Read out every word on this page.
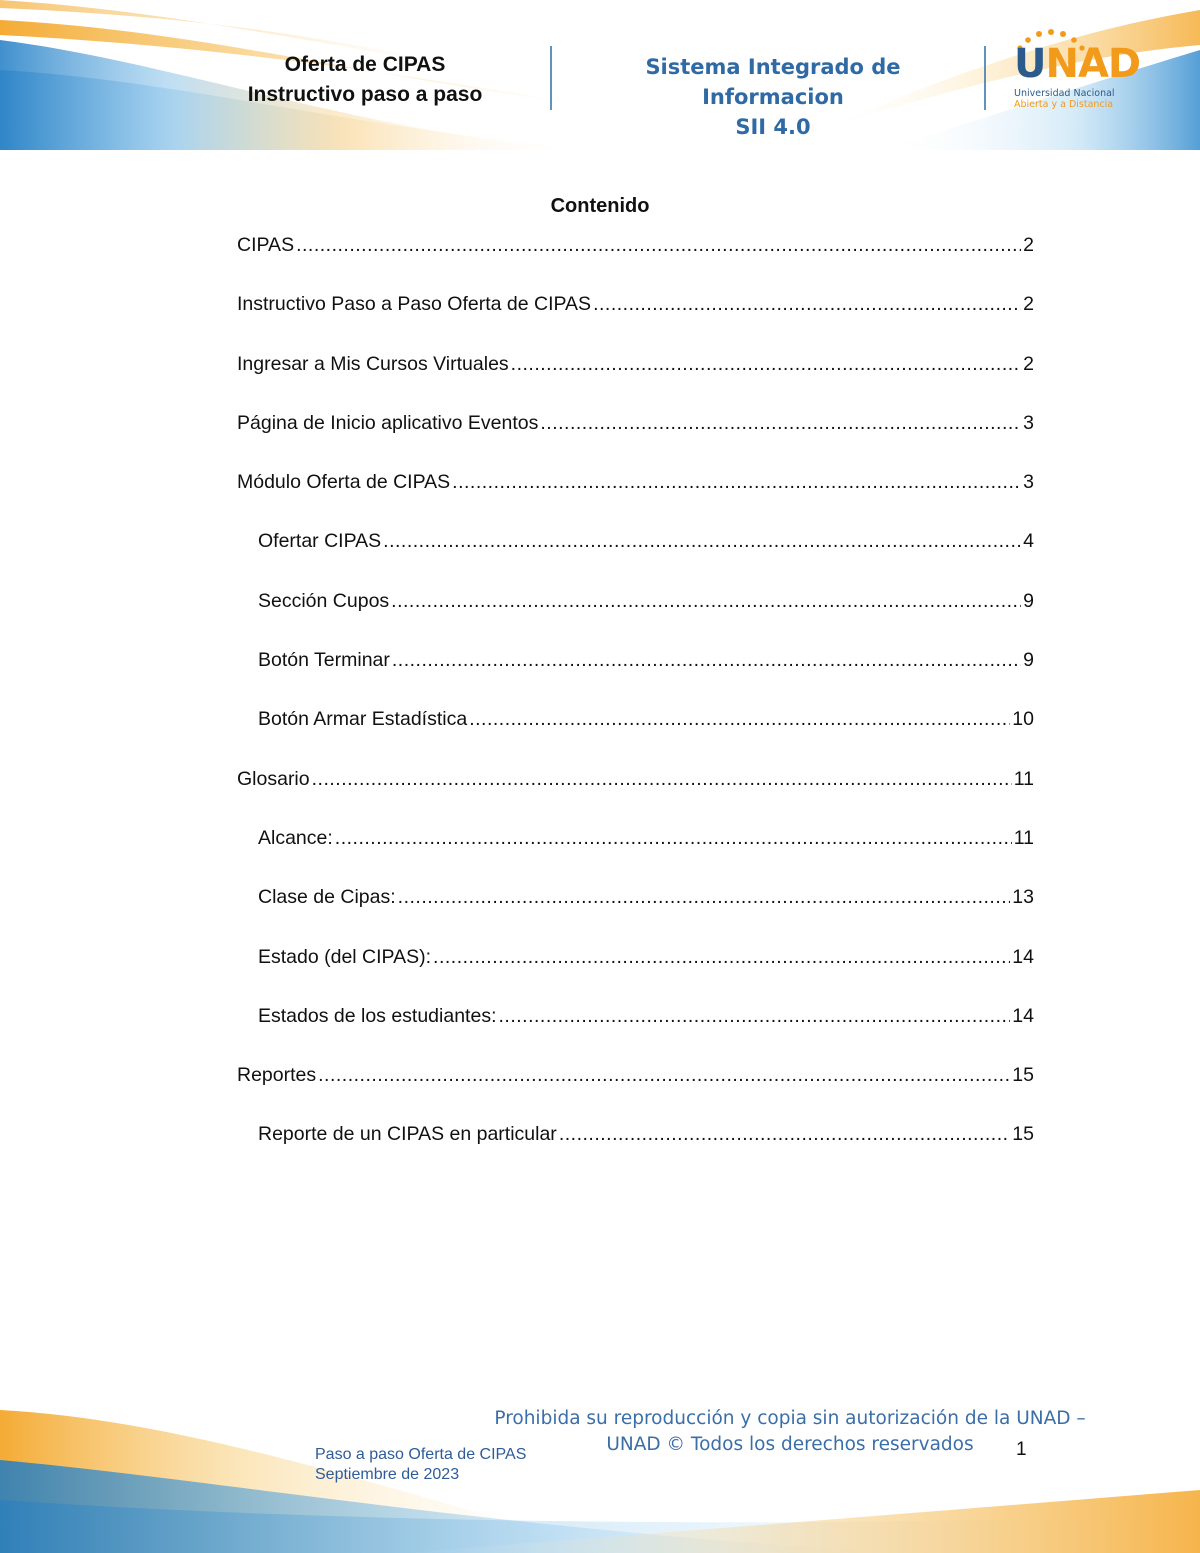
Oferta de CIPAS
Instructivo paso a paso
Sistema Integrado de Informacion
SII 4.0
UNAD
Universidad Nacional
Abierta y a Distancia
Contenido
CIPAS .....	2
Instructivo Paso a Paso Oferta de CIPAS .....	2
Ingresar a Mis Cursos Virtuales .....	2
Página de Inicio aplicativo Eventos .....	3
Módulo Oferta de CIPAS .....	3
Ofertar CIPAS .....	4
Sección Cupos .....	9
Botón Terminar .....	9
Botón Armar Estadística .....	10
Glosario .....	11
Alcance: .....	11
Clase de Cipas: .....	13
Estado (del CIPAS): .....	14
Estados de los estudiantes: .....	14
Reportes .....	15
Reporte de un CIPAS en particular .....	15
Prohibida su reproducción y copia sin autorización de la UNAD –
UNAD © Todos los derechos reservados
Paso a paso Oferta de CIPAS
Septiembre de 2023
1
